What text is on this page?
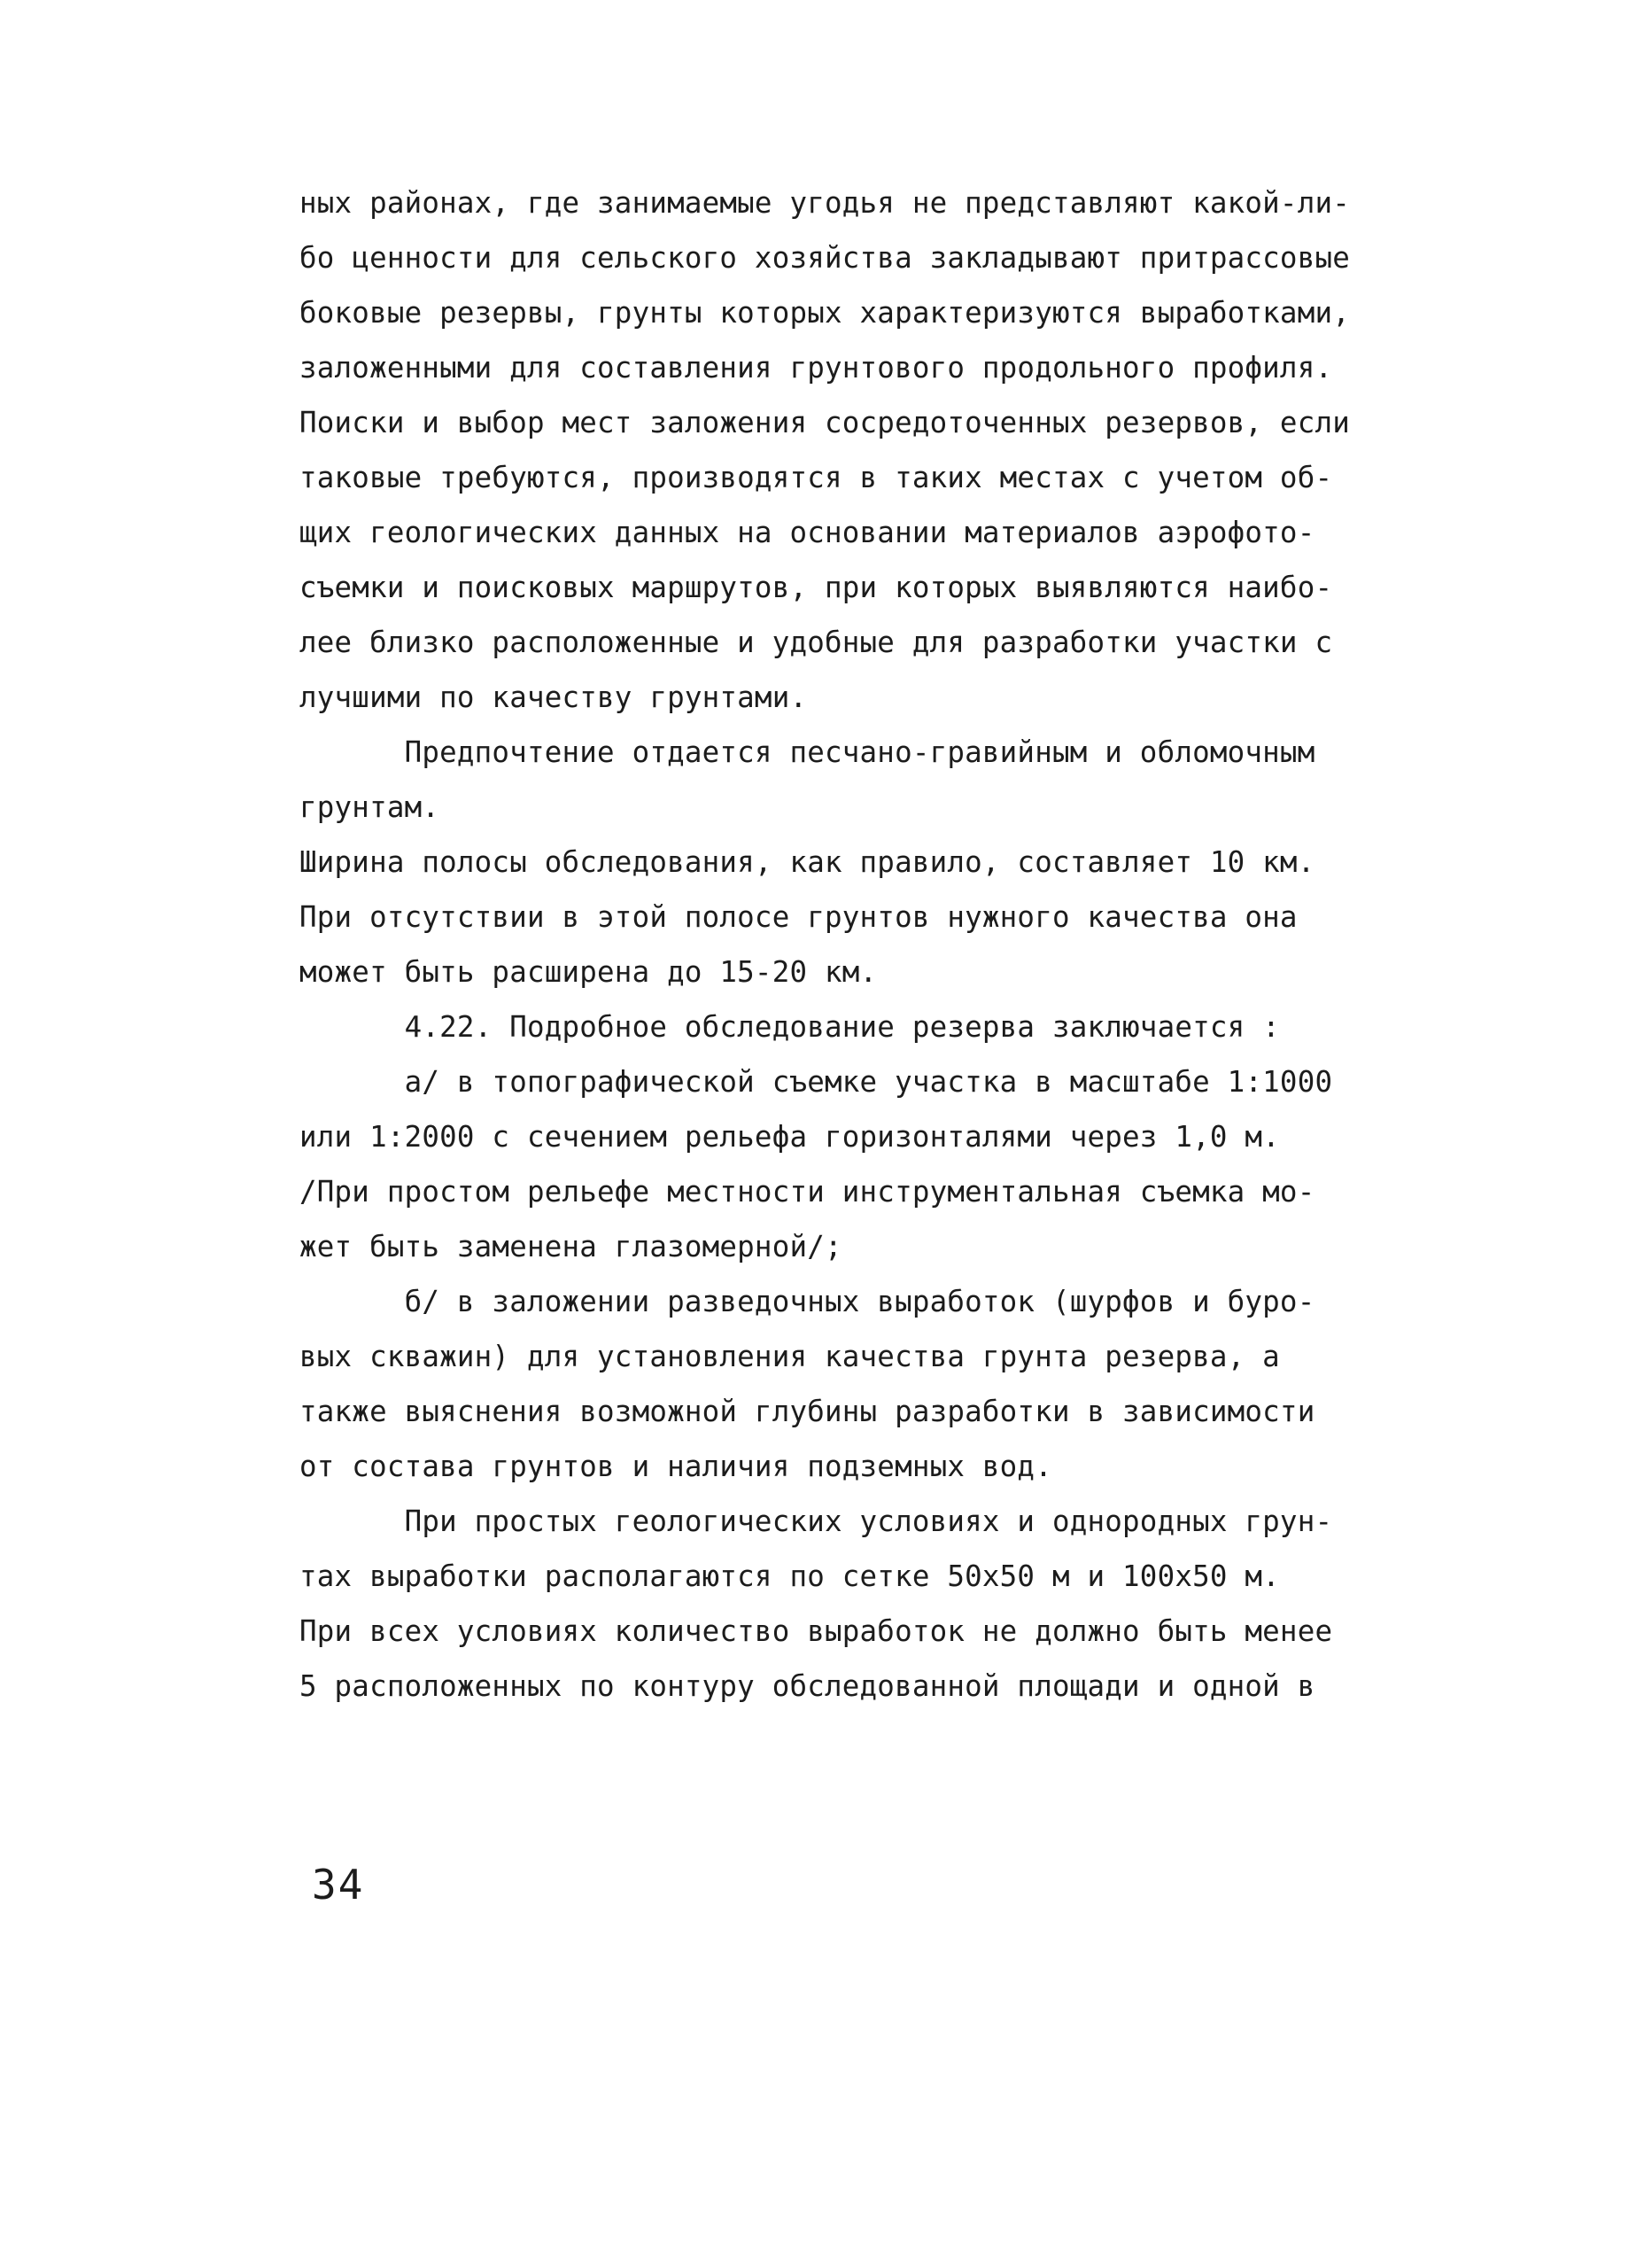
ных районах, где занимаемые угодья не представляют какой-ли-
бо ценности для сельского хозяйства закладывают притрассовые
боковые резервы, грунты которых характеризуются выработками,
заложенными для составления грунтового продольного профиля.
Поиски и выбор мест заложения сосредоточенных резервов, если
таковые требуются, производятся в таких местах с учетом об-
щих геологических данных на основании материалов аэрофото-
съемки и поисковых маршрутов, при которых выявляются наибо-
лее близко расположенные и удобные для разработки участки с
лучшими по качеству грунтами.
Предпочтение отдается песчано-гравийным и обломочным
грунтам.
Ширина полосы обследования, как правило, составляет 10 км.
При отсутствии в этой полосе грунтов нужного качества она
может быть расширена до 15-20 км.
4.22. Подробное обследование резерва заключается :
а/ в топографической съемке участка в масштабе 1:1000
или 1:2000 с сечением рельефа горизонталями через 1,0 м.
/При простом рельефе местности инструментальная съемка мо-
жет быть заменена глазомерной/;
б/ в заложении разведочных выработок (шурфов и буро-
вых скважин) для установления качества грунта резерва, а
также выяснения возможной глубины разработки в зависимости
от состава грунтов и наличия подземных вод.
При простых геологических условиях и однородных грун-
тах выработки располагаются по сетке 50х50 м и 100х50 м.
При всех условиях количество выработок не должно быть менее
5 расположенных по контуру обследованной площади и одной в
34
